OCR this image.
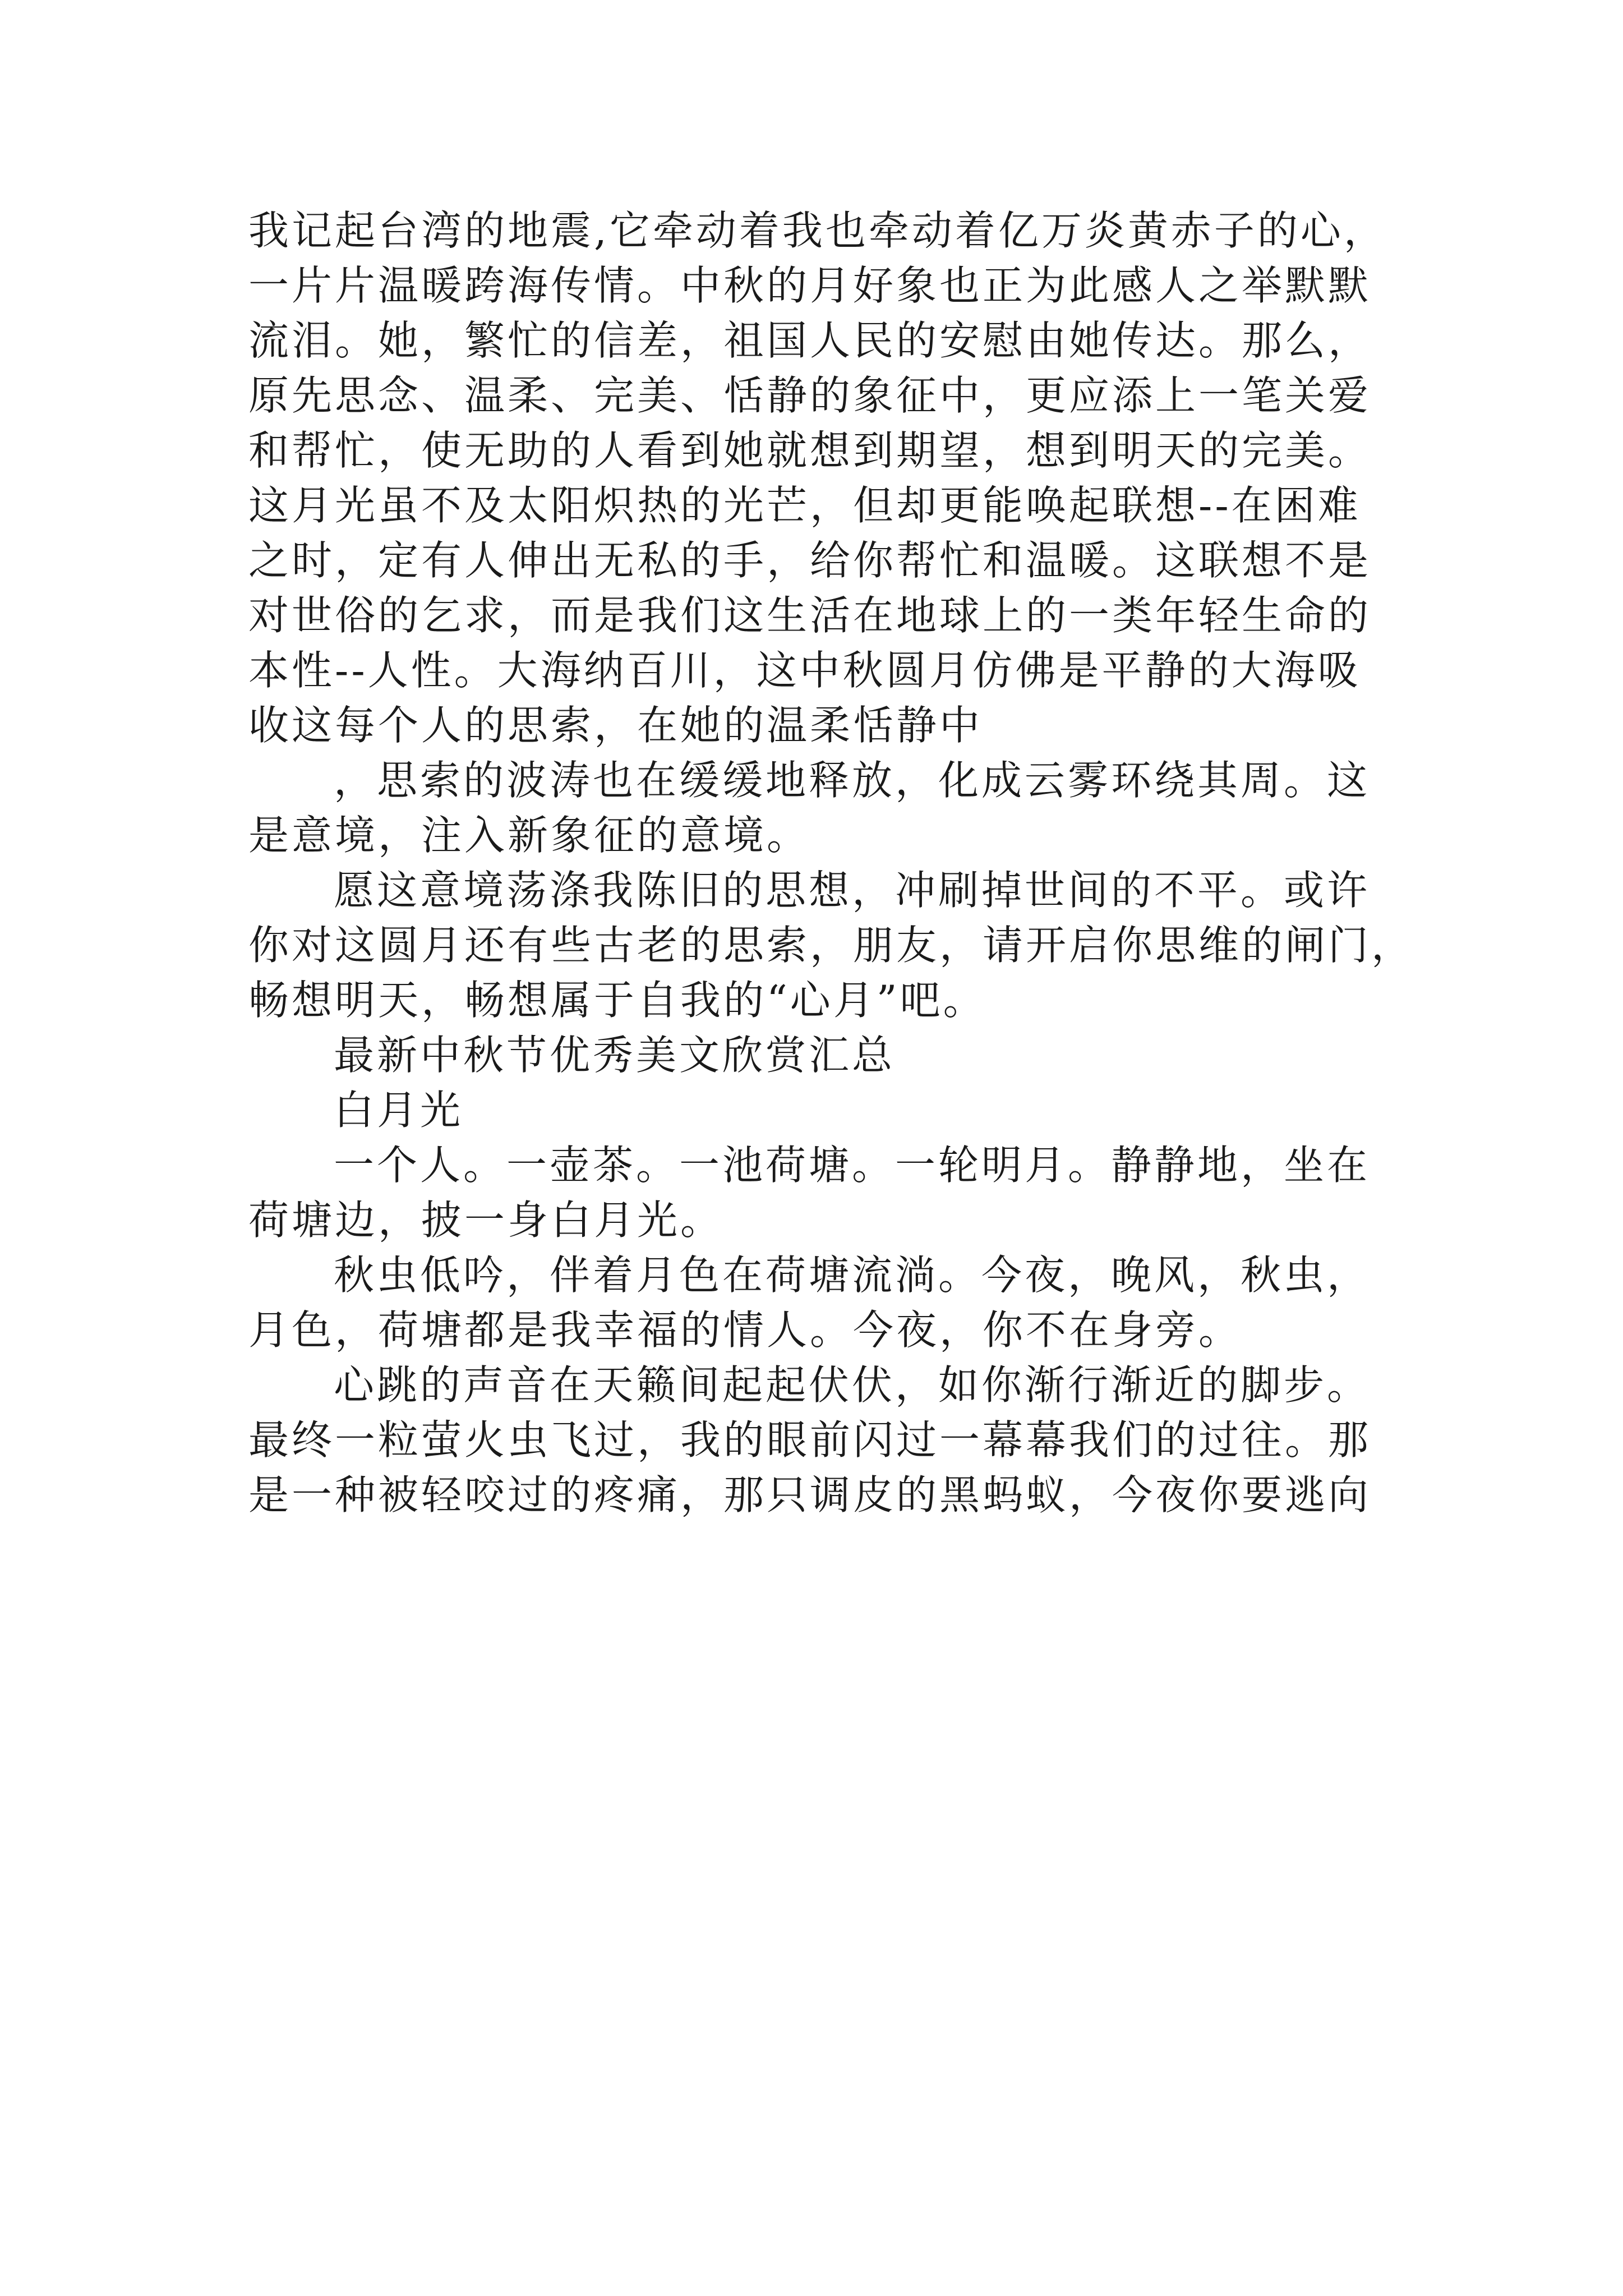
我记起台湾的地震,它牵动着我也牵动着亿万炎黄赤子的心，
一片片温暖跨海传情。中秋的月好象也正为此感人之举默默
流泪。她，繁忙的信差，祖国人民的安慰由她传达。那么，
原先思念、温柔、完美、恬静的象征中，更应添上一笔关爱
和帮忙，使无助的人看到她就想到期望，想到明天的完美。
这月光虽不及太阳炽热的光芒，但却更能唤起联想--在困难
之时，定有人伸出无私的手，给你帮忙和温暖。这联想不是
对世俗的乞求，而是我们这生活在地球上的一类年轻生命的
本性--人性。大海纳百川，这中秋圆月仿佛是平静的大海吸
收这每个人的思索，在她的温柔恬静中
，思索的波涛也在缓缓地释放，化成云雾环绕其周。这
是意境，注入新象征的意境。
愿这意境荡涤我陈旧的思想，冲刷掉世间的不平。或许
你对这圆月还有些古老的思索，朋友，请开启你思维的闸门，
畅想明天，畅想属于自我的“心月”吧。
最新中秋节优秀美文欣赏汇总
白月光
一个人。一壶茶。一池荷塘。一轮明月。静静地，坐在
荷塘边，披一身白月光。
秋虫低吟，伴着月色在荷塘流淌。今夜，晚风，秋虫，
月色，荷塘都是我幸福的情人。今夜，你不在身旁。
心跳的声音在天籁间起起伏伏，如你渐行渐近的脚步。
最终一粒萤火虫飞过，我的眼前闪过一幕幕我们的过往。那
是一种被轻咬过的疼痛，那只调皮的黑蚂蚁，今夜你要逃向
